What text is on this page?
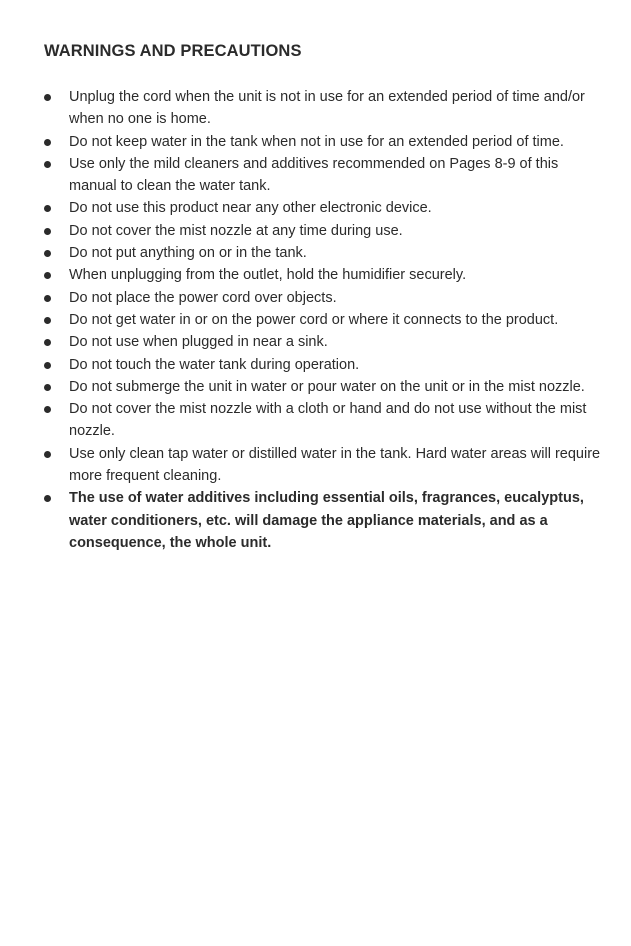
WARNINGS AND PRECAUTIONS
Unplug the cord when the unit is not in use for an extended period of time and/or when no one is home.
Do not keep water in the tank when not in use for an extended period of time.
Use only the mild cleaners and additives recommended on Pages 8-9 of this manual to clean the water tank.
Do not use this product near any other electronic device.
Do not cover the mist nozzle at any time during use.
Do not put anything on or in the tank.
When unplugging from the outlet, hold the humidifier securely.
Do not place the power cord over objects.
Do not get water in or on the power cord or where it connects to the product.
Do not use when plugged in near a sink.
Do not touch the water tank during operation.
Do not submerge the unit in water or pour water on the unit or in the mist nozzle.
Do not cover the mist nozzle with a cloth or hand and do not use without the mist nozzle.
Use only clean tap water or distilled water in the tank. Hard water areas will require more frequent cleaning.
The use of water additives including essential oils, fragrances, eucalyptus, water conditioners, etc. will damage the appliance materials, and as a consequence, the whole unit.
